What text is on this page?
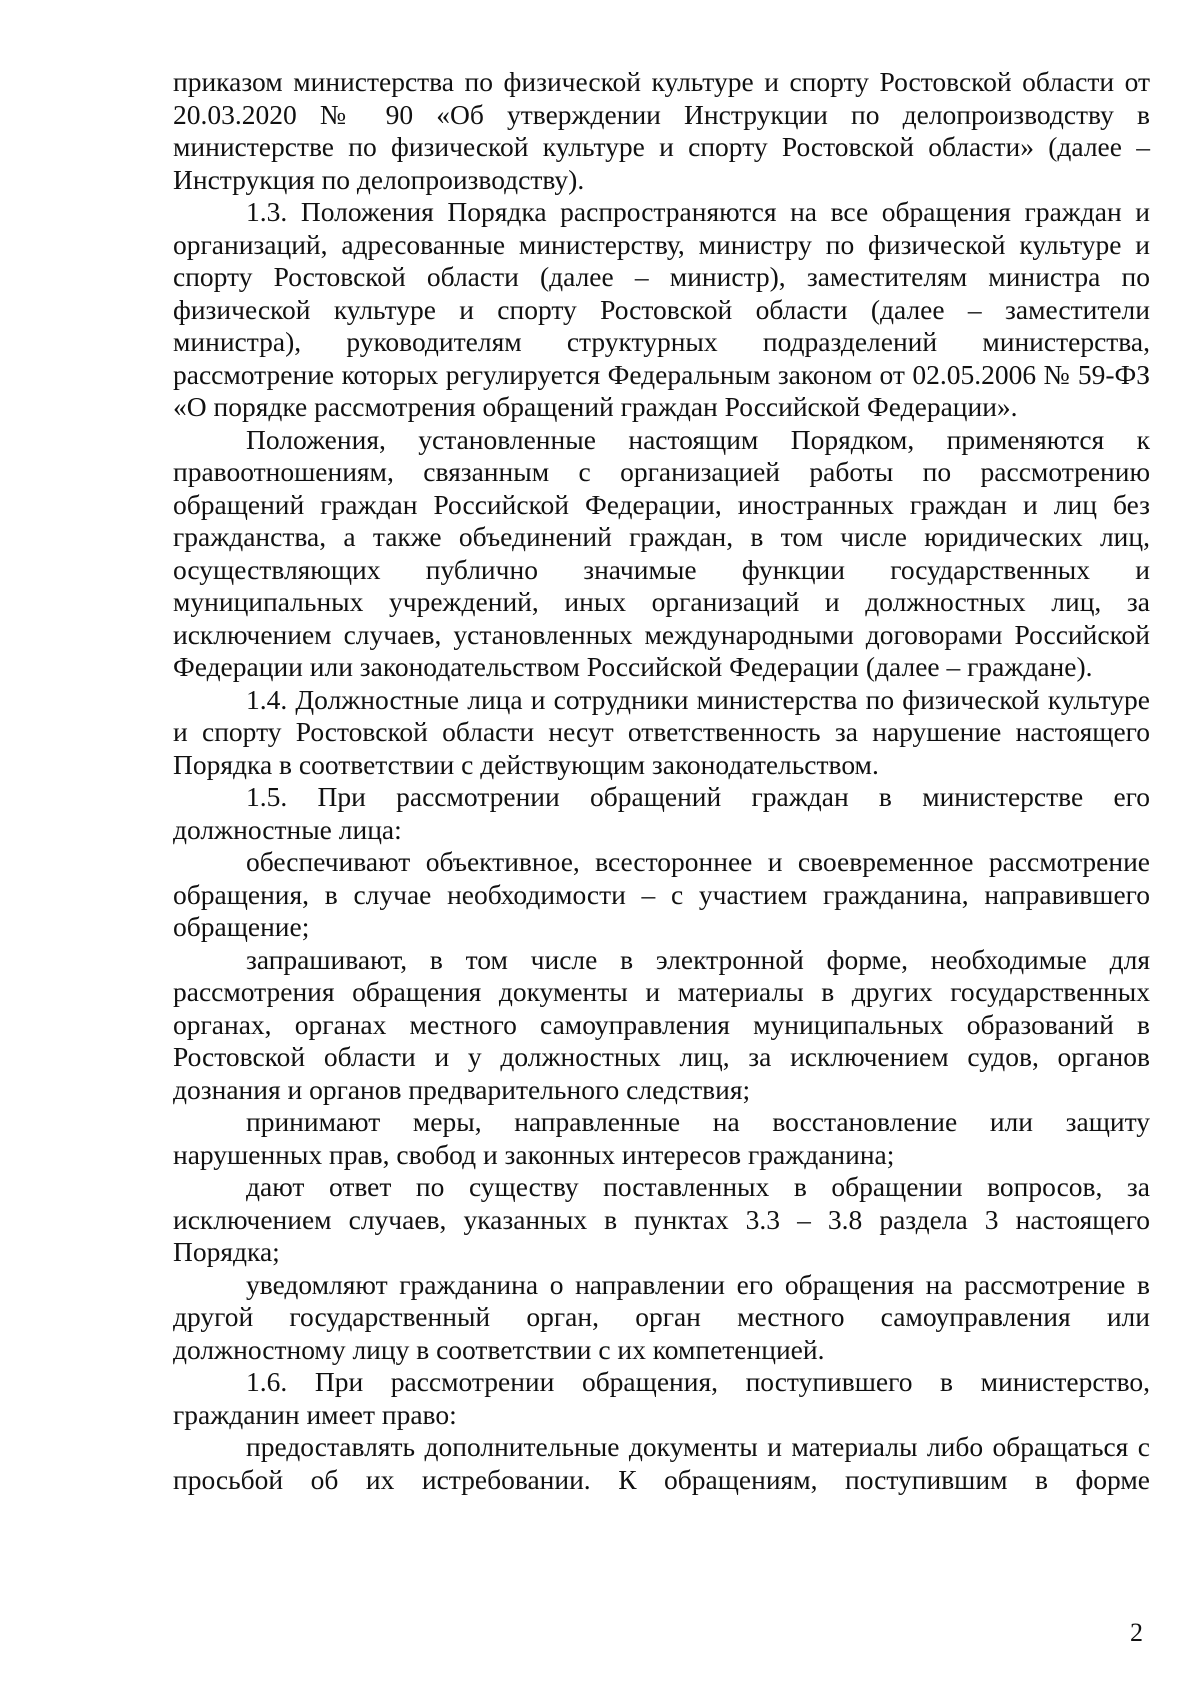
приказом министерства по физической культуре и спорту Ростовской области от 20.03.2020 № 90 «Об утверждении Инструкции по делопроизводству в министерстве по физической культуре и спорту Ростовской области» (далее – Инструкция по делопроизводству).

1.3. Положения Порядка распространяются на все обращения граждан и организаций, адресованные министерству, министру по физической культуре и спорту Ростовской области (далее – министр), заместителям министра по физической культуре и спорту Ростовской области (далее – заместители министра), руководителям структурных подразделений министерства, рассмотрение которых регулируется Федеральным законом от 02.05.2006 № 59-ФЗ «О порядке рассмотрения обращений граждан Российской Федерации».

Положения, установленные настоящим Порядком, применяются к правоотношениям, связанным с организацией работы по рассмотрению обращений граждан Российской Федерации, иностранных граждан и лиц без гражданства, а также объединений граждан, в том числе юридических лиц, осуществляющих публично значимые функции государственных и муниципальных учреждений, иных организаций и должностных лиц, за исключением случаев, установленных международными договорами Российской Федерации или законодательством Российской Федерации (далее – граждане).

1.4. Должностные лица и сотрудники министерства по физической культуре и спорту Ростовской области несут ответственность за нарушение настоящего Порядка в соответствии с действующим законодательством.

1.5. При рассмотрении обращений граждан в министерстве его должностные лица:

обеспечивают объективное, всестороннее и своевременное рассмотрение обращения, в случае необходимости – с участием гражданина, направившего обращение;

запрашивают, в том числе в электронной форме, необходимые для рассмотрения обращения документы и материалы в других государственных органах, органах местного самоуправления муниципальных образований в Ростовской области и у должностных лиц, за исключением судов, органов дознания и органов предварительного следствия;

принимают меры, направленные на восстановление или защиту нарушенных прав, свобод и законных интересов гражданина;

дают ответ по существу поставленных в обращении вопросов, за исключением случаев, указанных в пунктах 3.3 – 3.8 раздела 3 настоящего Порядка;

уведомляют гражданина о направлении его обращения на рассмотрение в другой государственный орган, орган местного самоуправления или должностному лицу в соответствии с их компетенцией.

1.6. При рассмотрении обращения, поступившего в министерство, гражданин имеет право:

предоставлять дополнительные документы и материалы либо обращаться с просьбой об их истребовании. К обращениям, поступившим в форме

2
